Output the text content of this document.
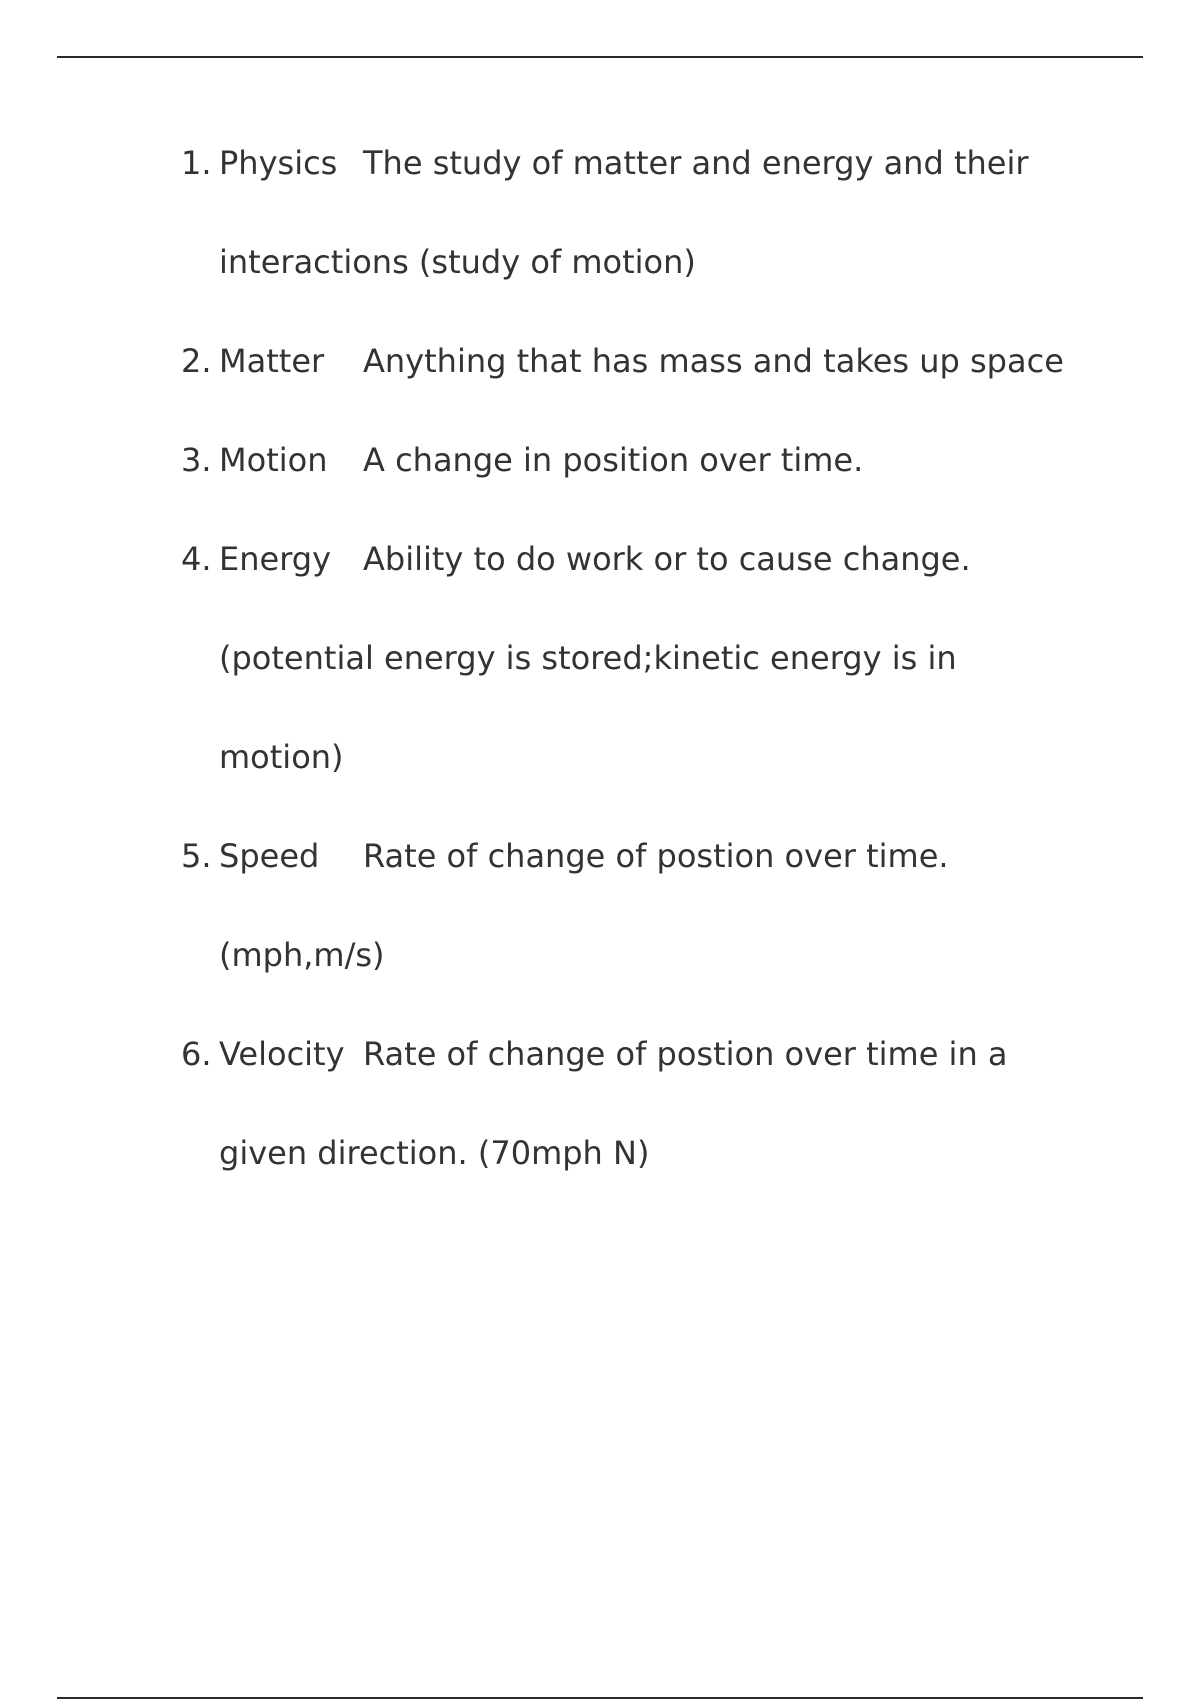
1. Physics The study of matter and energy and their
interactions (study of motion)
2. Matter Anything that has mass and takes up space
3. Motion A change in position over time.
4. Energy Ability to do work or to cause change.
(potential energy is stored;kinetic energy is in
motion)
5. Speed Rate of change of postion over time.
(mph,m/s)
6. Velocity Rate of change of postion over time in a
given direction. (70mph N)
